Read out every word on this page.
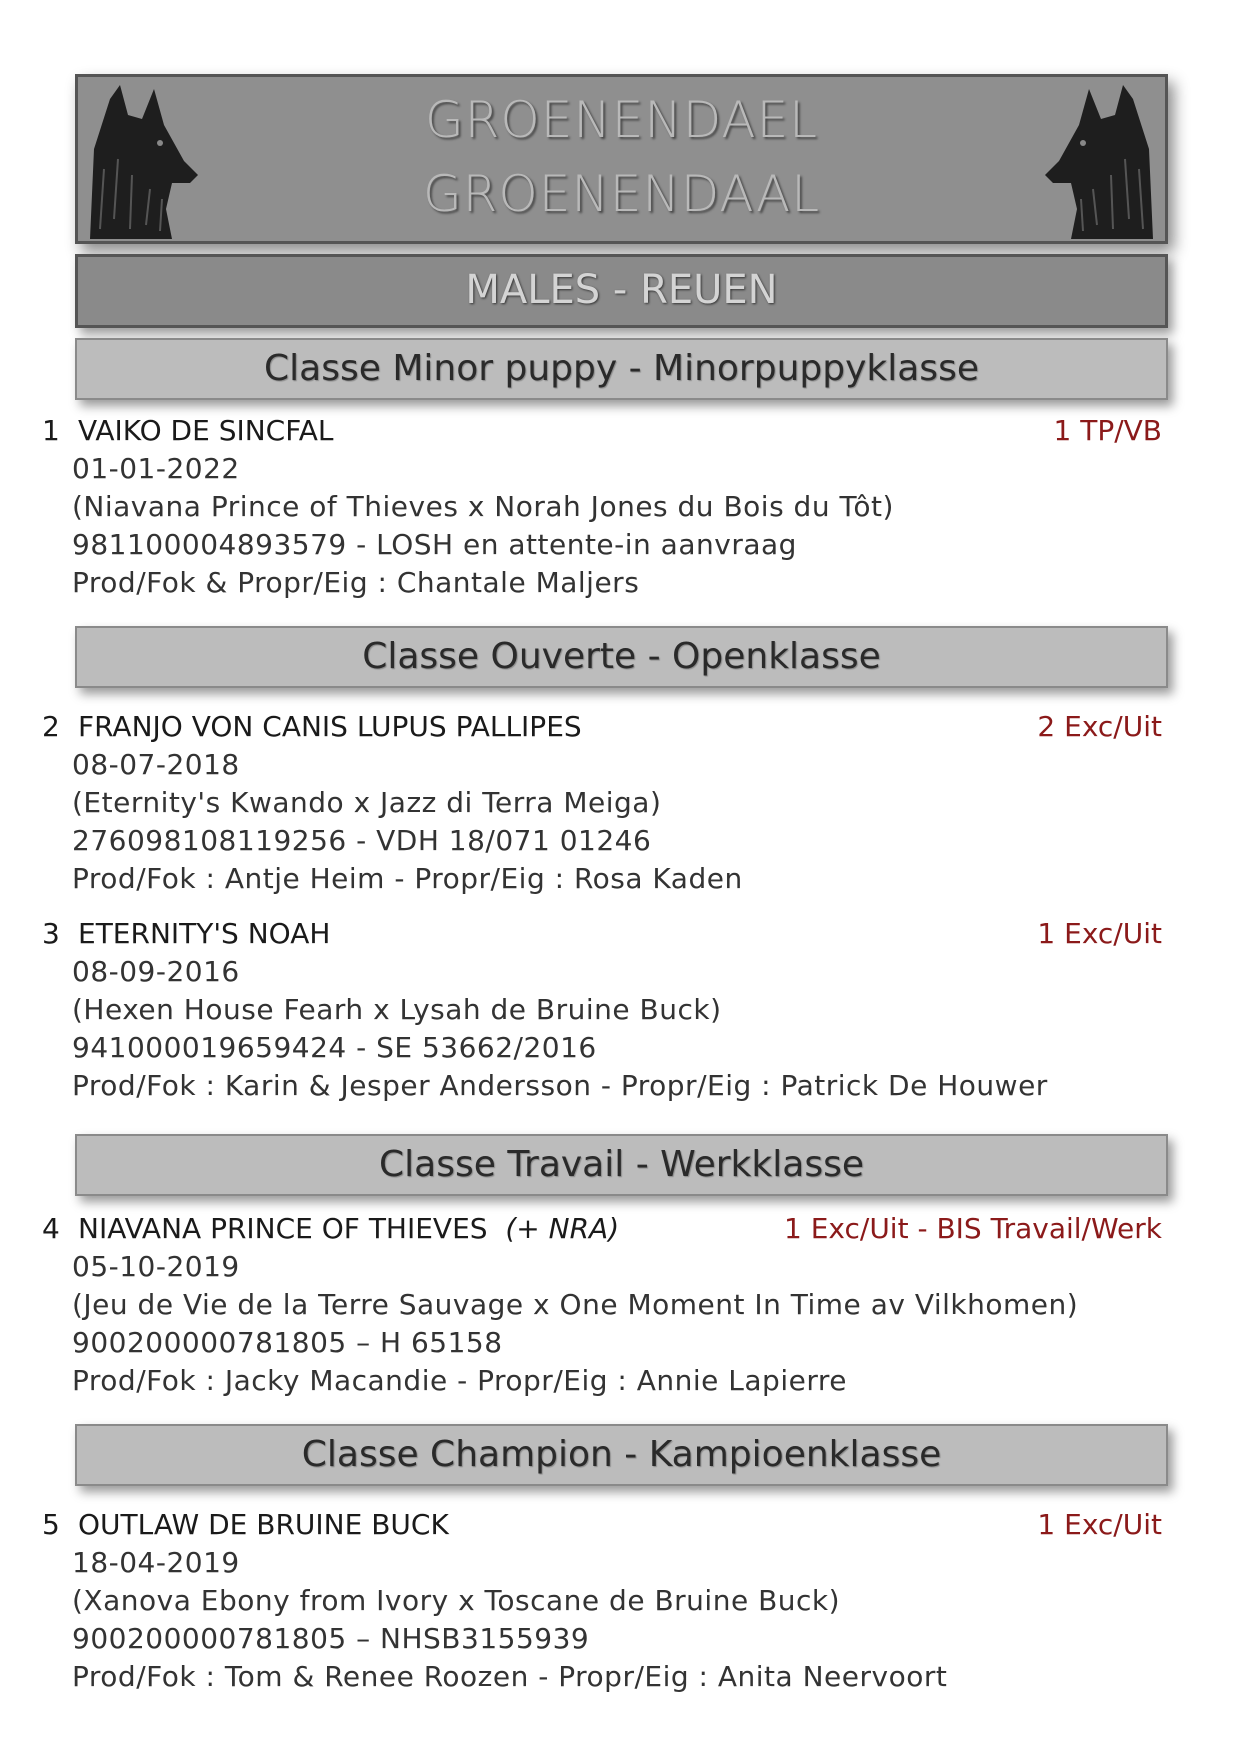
GROENENDAEL
GROENENDAAL
MALES - REUEN
Classe Minor puppy - Minorpuppyklasse
1 VAIKO DE SINCFAL	1 TP/VB
01-01-2022
(Niavana Prince of Thieves x Norah Jones du Bois du Tôt)
981100004893579 - LOSH en attente-in aanvraag
Prod/Fok & Propr/Eig : Chantale Maljers
Classe Ouverte - Openklasse
2 FRANJO VON CANIS LUPUS PALLIPES	2 Exc/Uit
08-07-2018
(Eternity's Kwando x Jazz di Terra Meiga)
276098108119256 - VDH 18/071 01246
Prod/Fok : Antje Heim - Propr/Eig : Rosa Kaden
3 ETERNITY'S NOAH	1 Exc/Uit
08-09-2016
(Hexen House Fearh x Lysah de Bruine Buck)
941000019659424 - SE 53662/2016
Prod/Fok : Karin & Jesper Andersson - Propr/Eig : Patrick De Houwer
Classe Travail - Werkklasse
4 NIAVANA PRINCE OF THIEVES (+ NRA)	1 Exc/Uit - BIS Travail/Werk
05-10-2019
(Jeu de Vie de la Terre Sauvage x One Moment In Time av Vilkhomen)
900200000781805 – H 65158
Prod/Fok : Jacky Macandie - Propr/Eig : Annie Lapierre
Classe Champion - Kampioenklasse
5 OUTLAW DE BRUINE BUCK	1 Exc/Uit
18-04-2019
(Xanova Ebony from Ivory x Toscane de Bruine Buck)
900200000781805 – NHSB3155939
Prod/Fok : Tom & Renee Roozen - Propr/Eig : Anita Neervoort
